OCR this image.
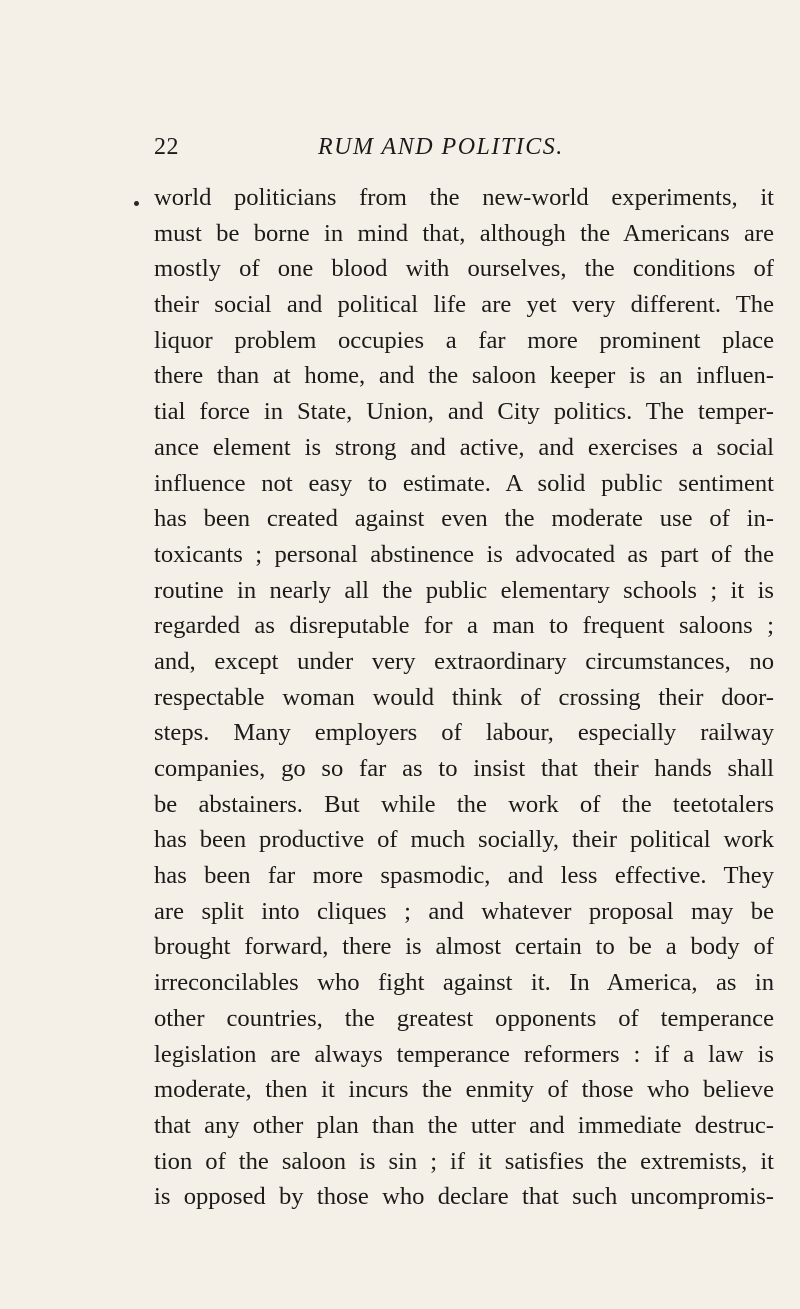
22	RUM AND POLITICS.
world politicians from the new-world experiments, it
must be borne in mind that, although the Americans are
mostly of one blood with ourselves, the conditions of
their social and political life are yet very different. The
liquor problem occupies a far more prominent place
there than at home, and the saloon keeper is an influen-
tial force in State, Union, and City politics. The temper-
ance element is strong and active, and exercises a social
influence not easy to estimate. A solid public sentiment
has been created against even the moderate use of in-
toxicants ; personal abstinence is advocated as part of the
routine in nearly all the public elementary schools ; it is
regarded as disreputable for a man to frequent saloons ;
and, except under very extraordinary circumstances, no
respectable woman would think of crossing their door-
steps. Many employers of labour, especially railway
companies, go so far as to insist that their hands shall
be abstainers. But while the work of the teetotalers
has been productive of much socially, their political work
has been far more spasmodic, and less effective. They
are split into cliques ; and whatever proposal may be
brought forward, there is almost certain to be a body of
irreconcilables who fight against it. In America, as in
other countries, the greatest opponents of temperance
legislation are always temperance reformers : if a law is
moderate, then it incurs the enmity of those who believe
that any other plan than the utter and immediate destruc-
tion of the saloon is sin ; if it satisfies the extremists, it
is opposed by those who declare that such uncompromis-
